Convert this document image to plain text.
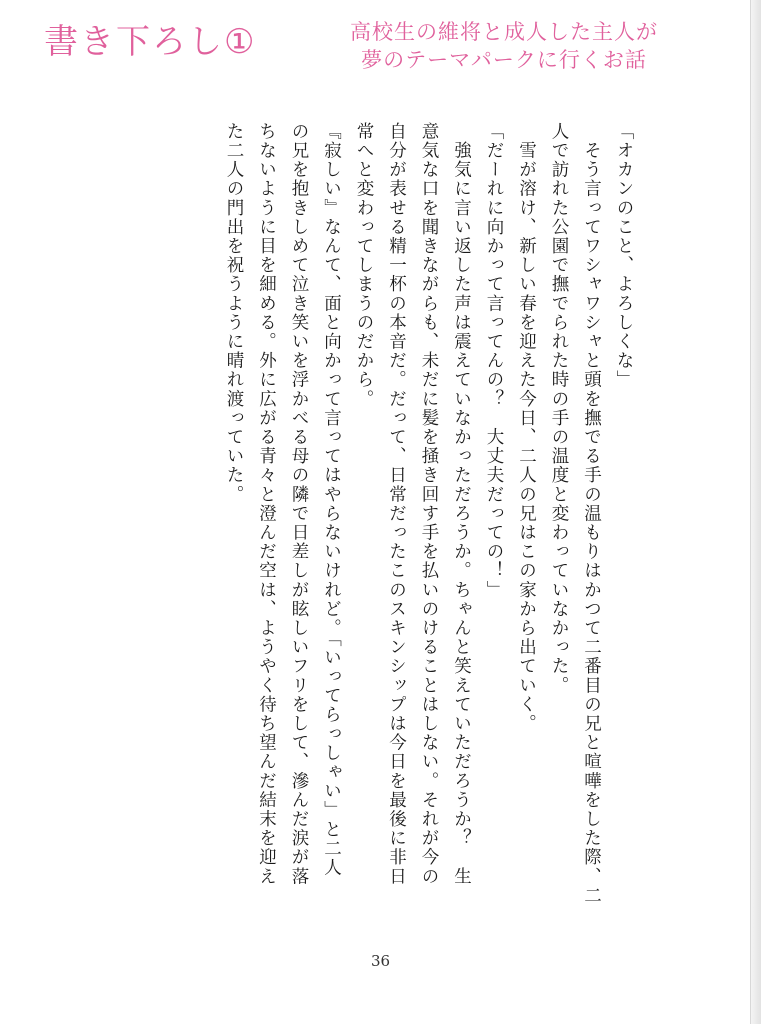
書き下ろし①	高校生の維将と成人した主人が
夢のテーマパークに行くお話

「オカンのこと、よろしくな」

　そう言ってワシャワシャと頭を撫でる手の温もりはかつて二番目の兄と喧嘩をした際、二

人で訪れた公園で撫でられた時の手の温度と変わっていなかった。

　雪が溶け、新しい春を迎えた今日、二人の兄はこの家から出ていく。

「だーれに向かって言ってんの？　大丈夫だっての！」

　強気に言い返した声は震えていなかっただろうか。ちゃんと笑えていただろうか？　生

意気な口を聞きながらも、未だに髪を掻き回す手を払いのけることはしない。それが今の

自分が表せる精一杯の本音だ。だって、日常だったこのスキンシップは今日を最後に非日

常へと変わってしまうのだから。

『寂しい』なんて、面と向かって言ってはやらないけれど。「いってらっしゃい」と二人

の兄を抱きしめて泣き笑いを浮かべる母の隣で日差しが眩しいフリをして、滲んだ涙が落

ちないように目を細める。外に広がる青々と澄んだ空は、ようやく待ち望んだ結末を迎え

た二人の門出を祝うように晴れ渡っていた。

36
